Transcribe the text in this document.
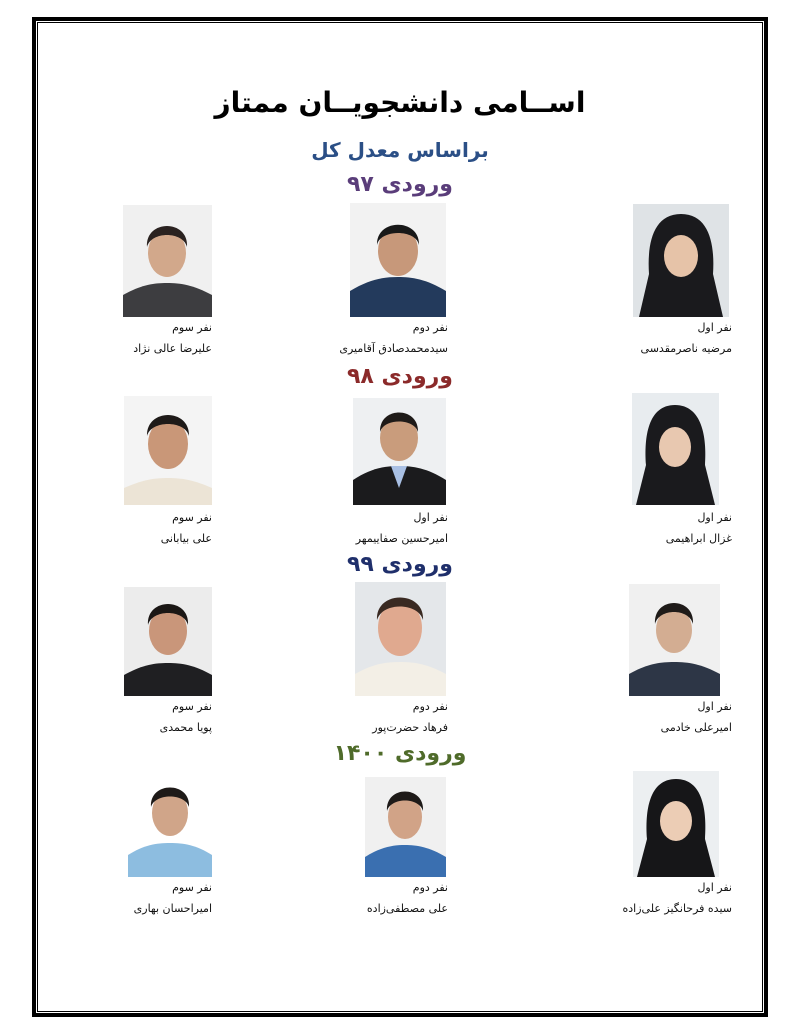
اســامی دانشجویــان ممتاز
براساس معدل کل
ورودی ۹۷
نفر اول
مرضیه ناصرمقدسی
نفر دوم
سیدمحمدصادق آقامیری
نفر سوم
علیرضا عالی نژاد
ورودی ۹۸
نفر اول
غزال ابراهیمی
نفر اول
امیرحسین صفاییمهر
نفر سوم
علی بیابانی
ورودی ۹۹
نفر اول
امیرعلی خادمی
نفر دوم
فرهاد حضرت‌پور
نفر سوم
پویا محمدی
ورودی ۱۴۰۰
نفر اول
سیده فرحانگیز علی‌زاده
نفر دوم
علی مصطفی‌زاده
نفر سوم
امیراحسان بهاری
